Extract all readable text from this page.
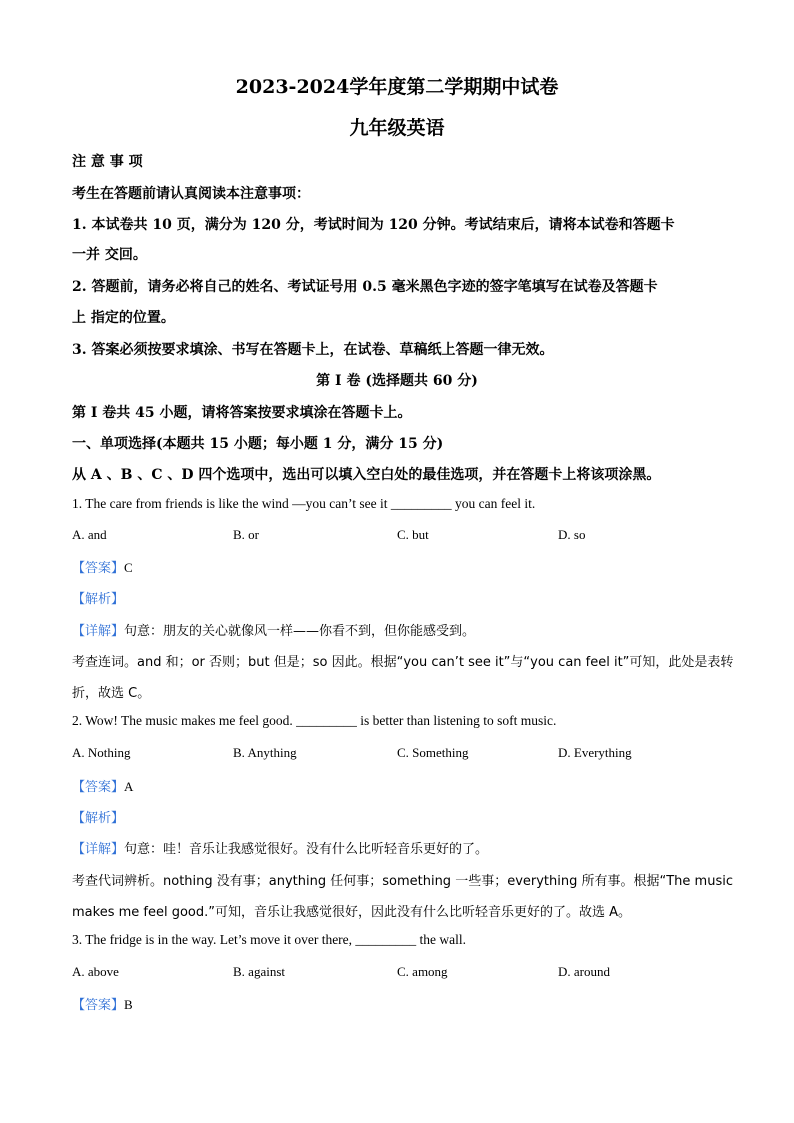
2023-2024学年度第二学期期中试卷
九年级英语
注 意 事 项
考生在答题前请认真阅读本注意事项：
1. 本试卷共 10 页，满分为 120 分，考试时间为 120 分钟。考试结束后，请将本试卷和答题卡
一并 交回。
2. 答题前，请务必将自己的姓名、考试证号用 0.5 毫米黑色字迹的签字笔填写在试卷及答题卡
上 指定的位置。
3. 答案必须按要求填涂、书写在答题卡上，在试卷、草稿纸上答题一律无效。
第 I 卷 (选择题共 60 分)
第 I 卷共 45 小题，请将答案按要求填涂在答题卡上。
一、单项选择(本题共 15 小题；每小题 1 分，满分 15 分)
从 A 、B 、C 、D 四个选项中，选出可以填入空白处的最佳选项，并在答题卡上将该项涂黑。
1. The care from friends is like the wind —you can’t see it _________ you can feel it.
A. and	B. or	C. but	D. so
【答案】C
【解析】
【详解】句意：朋友的关心就像风一样——你看不到，但你能感受到。
考查连词。and 和；or 否则；but 但是；so 因此。根据“you can’t see it”与“you can feel it”可知，此处是表转
折，故选 C。
2. Wow! The music makes me feel good. _________ is better than listening to soft music.
A. Nothing	B. Anything	C. Something	D. Everything
【答案】A
【解析】
【详解】句意：哇！音乐让我感觉很好。没有什么比听轻音乐更好的了。
考查代词辨析。nothing 没有事；anything 任何事；something 一些事；everything 所有事。根据“The music
makes me feel good.”可知，音乐让我感觉很好，因此没有什么比听轻音乐更好的了。故选 A。
3. The fridge is in the way. Let’s move it over there, _________ the wall.
A. above	B. against	C. among	D. around
【答案】B
